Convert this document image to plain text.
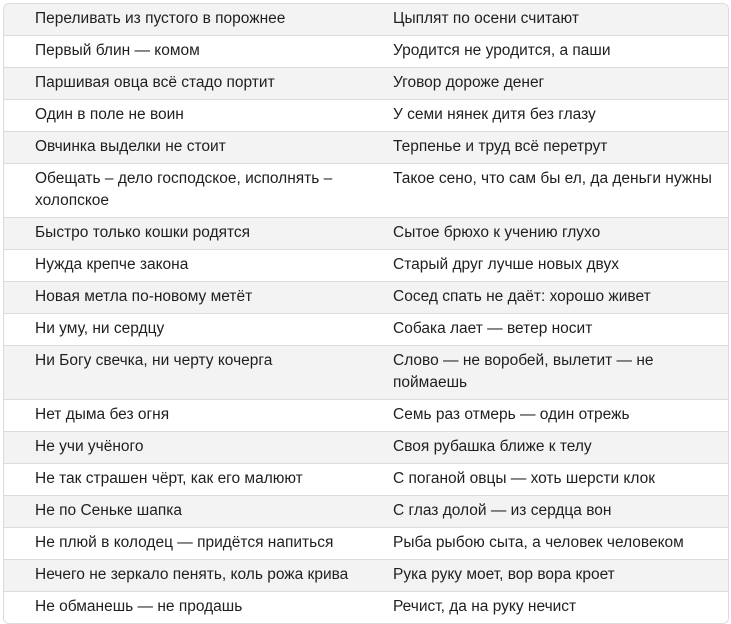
Переливать из пустого в порожнее	Цыплят по осени считают
Первый блин — комом	Уродится не уродится, а паши
Паршивая овца всё стадо портит	Уговор дороже денег
Один в поле не воин	У семи нянек дитя без глазу
Овчинка выделки не стоит	Терпенье и труд всё перетрут
Обещать – дело господское, исполнять – холопское	Такое сено, что сам бы ел, да деньги нужны
Быстро только кошки родятся	Сытое брюхо к учению глухо
Нужда крепче закона	Старый друг лучше новых двух
Новая метла по-новому метёт	Сосед спать не даёт: хорошо живет
Ни уму, ни сердцу	Собака лает — ветер носит
Ни Богу свечка, ни черту кочерга	Слово — не воробей, вылетит — не поймаешь
Нет дыма без огня	Семь раз отмерь — один отрежь
Не учи учёного	Своя рубашка ближе к телу
Не так страшен чёрт, как его малюют	С поганой овцы — хоть шерсти клок
Не по Сеньке шапка	С глаз долой — из сердца вон
Не плюй в колодец — придётся напиться	Рыба рыбою сыта, а человек человеком
Нечего не зеркало пенять, коль рожа крива	Рука руку моет, вор вора кроет
Не обманешь — не продашь	Речист, да на руку нечист
